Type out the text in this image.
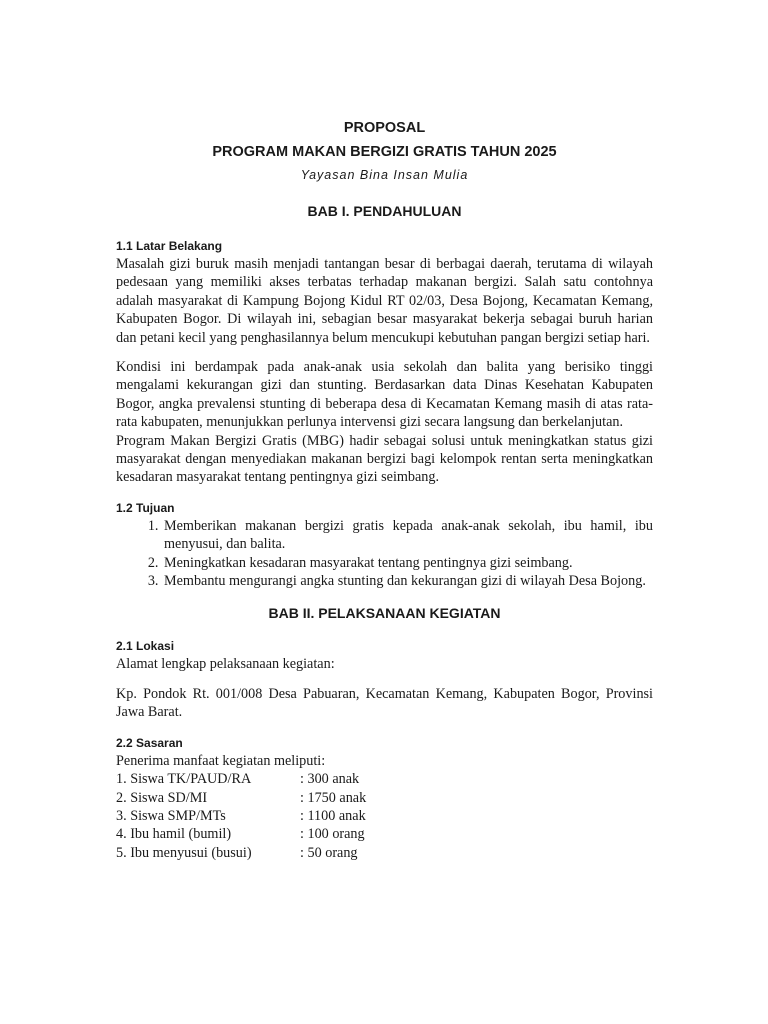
PROPOSAL
PROGRAM MAKAN BERGIZI GRATIS TAHUN 2025
Yayasan Bina Insan Mulia
BAB I. PENDAHULUAN
1.1 Latar Belakang

Masalah gizi buruk masih menjadi tantangan besar di berbagai daerah, terutama di wilayah pedesaan yang memiliki akses terbatas terhadap makanan bergizi. Salah satu contohnya adalah masyarakat di Kampung Bojong Kidul RT 02/03, Desa Bojong, Kecamatan Kemang, Kabupaten Bogor. Di wilayah ini, sebagian besar masyarakat bekerja sebagai buruh harian dan petani kecil yang penghasilannya belum mencukupi kebutuhan pangan bergizi setiap hari.

Kondisi ini berdampak pada anak-anak usia sekolah dan balita yang berisiko tinggi mengalami kekurangan gizi dan stunting. Berdasarkan data Dinas Kesehatan Kabupaten Bogor, angka prevalensi stunting di beberapa desa di Kecamatan Kemang masih di atas rata-rata kabupaten, menunjukkan perlunya intervensi gizi secara langsung dan berkelanjutan.

Program Makan Bergizi Gratis (MBG) hadir sebagai solusi untuk meningkatkan status gizi masyarakat dengan menyediakan makanan bergizi bagi kelompok rentan serta meningkatkan kesadaran masyarakat tentang pentingnya gizi seimbang.

1.2 Tujuan
1. Memberikan makanan bergizi gratis kepada anak-anak sekolah, ibu hamil, ibu menyusui, dan balita.
2. Meningkatkan kesadaran masyarakat tentang pentingnya gizi seimbang.
3. Membantu mengurangi angka stunting dan kekurangan gizi di wilayah Desa Bojong.
BAB II. PELAKSANAAN KEGIATAN
2.1 Lokasi

Alamat lengkap pelaksanaan kegiatan:

Kp. Pondok Rt. 001/008 Desa Pabuaran, Kecamatan Kemang, Kabupaten Bogor, Provinsi Jawa Barat.

2.2 Sasaran

Penerima manfaat kegiatan meliputi:

1. Siswa TK/PAUD/RA	: 300 anak
2. Siswa SD/MI	: 1750 anak
3. Siswa SMP/MTs	: 1100 anak
4. Ibu hamil (bumil)	: 100 orang
5. Ibu menyusui (busui)	: 50 orang
